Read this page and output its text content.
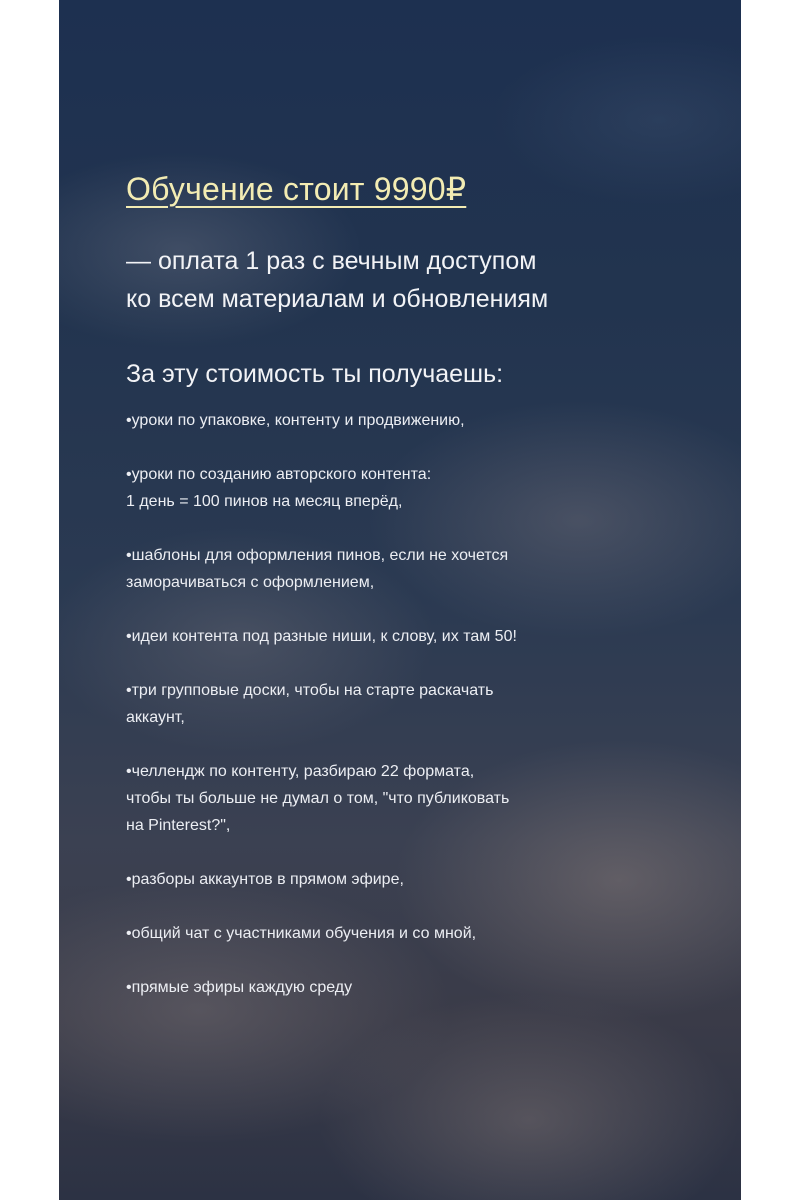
Обучение стоит 9990₽
— оплата 1 раз с вечным доступом
ко всем материалам и обновлениям
За эту стоимость ты получаешь:
•уроки по упаковке, контенту и продвижению,
•уроки по созданию авторского контента:
1 день = 100 пинов на месяц вперёд,
•шаблоны для оформления пинов, если не хочется
заморачиваться с оформлением,
•идеи контента под разные ниши, к слову, их там 50!
•три групповые доски, чтобы на старте раскачать
аккаунт,
•челлендж по контенту, разбираю 22 формата,
чтобы ты больше не думал о том, "что публиковать
на Pinterest?",
•разборы аккаунтов в прямом эфире,
•общий чат с участниками обучения и со мной,
•прямые эфиры каждую среду
